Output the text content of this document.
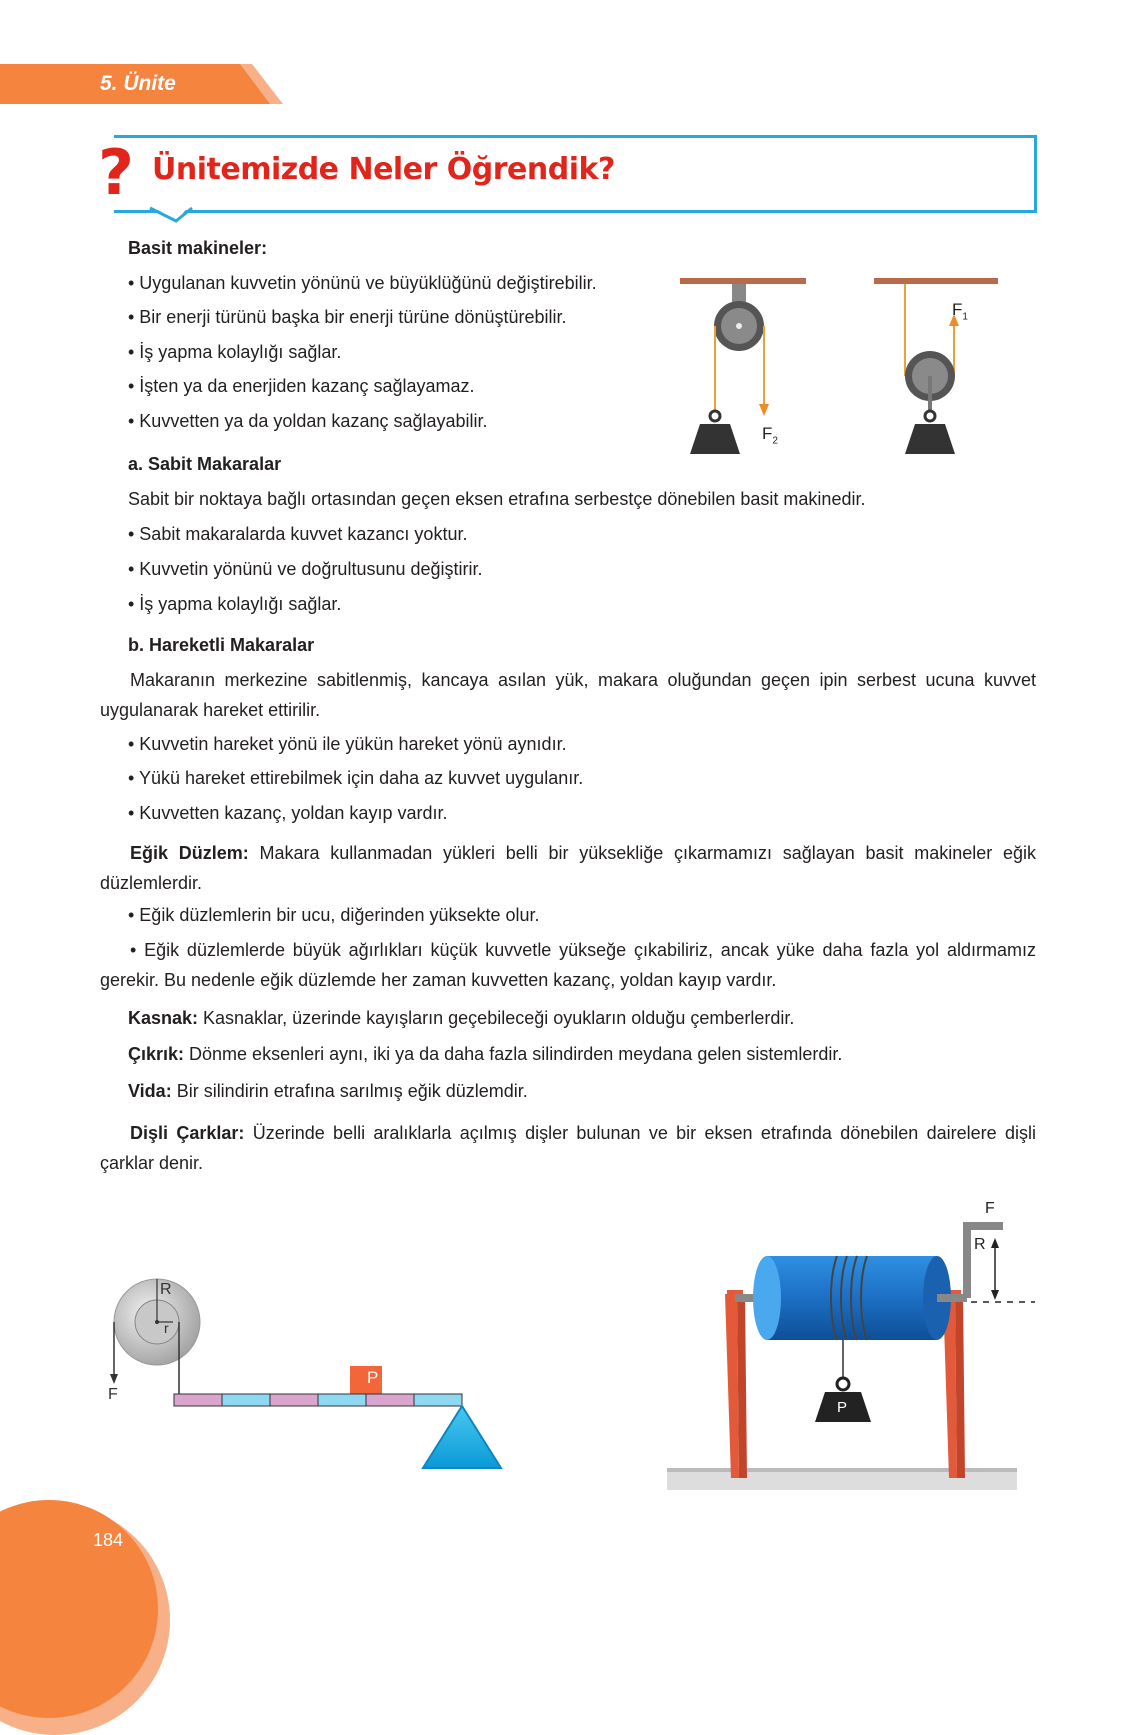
5. Ünite
? Ünitemizde Neler Öğrendik?
Basit makineler:
• Uygulanan kuvvetin yönünü ve büyüklüğünü değiştirebilir.
• Bir enerji türünü başka bir enerji türüne dönüştürebilir.
• İş yapma kolaylığı sağlar.
• İşten ya da enerjiden kazanç sağlayamaz.
• Kuvvetten ya da yoldan kazanç sağlayabilir.
$F_2$
$F_1$
a. Sabit Makaralar
Sabit bir noktaya bağlı ortasından geçen eksen etrafına serbestçe dönebilen basit makinedir.
• Sabit makaralarda kuvvet kazancı yoktur.
• Kuvvetin yönünü ve doğrultusunu değiştirir.
• İş yapma kolaylığı sağlar.
b. Hareketli Makaralar
Makaranın merkezine sabitlenmiş, kancaya asılan yük, makara oluğundan geçen ipin serbest ucuna kuvvet uygulanarak hareket ettirilir.
• Kuvvetin hareket yönü ile yükün hareket yönü aynıdır.
• Yükü hareket ettirebilmek için daha az kuvvet uygulanır.
• Kuvvetten kazanç, yoldan kayıp vardır.
Eğik Düzlem: Makara kullanmadan yükleri belli bir yüksekliğe çıkarmamızı sağlayan basit makineler eğik düzlemlerdir.
• Eğik düzlemlerin bir ucu, diğerinden yüksekte olur.
• Eğik düzlemlerde büyük ağırlıkları küçük kuvvetle yükseğe çıkabiliriz, ancak yüke daha fazla yol aldırmamız gerekir. Bu nedenle eğik düzlemde her zaman kuvvetten kazanç, yoldan kayıp vardır.
Kasnak: Kasnaklar, üzerinde kayışların geçebileceği oyukların olduğu çemberlerdir.
Çıkrık: Dönme eksenleri aynı, iki ya da daha fazla silindirden meydana gelen sistemlerdir.
Vida: Bir silindirin etrafına sarılmış eğik düzlemdir.
Dişli Çarklar: Üzerinde belli aralıklarla açılmış dişler bulunan ve bir eksen etrafında dönebilen dairelere dişli çarklar denir.
R
r
F
P
F
R
P
184
